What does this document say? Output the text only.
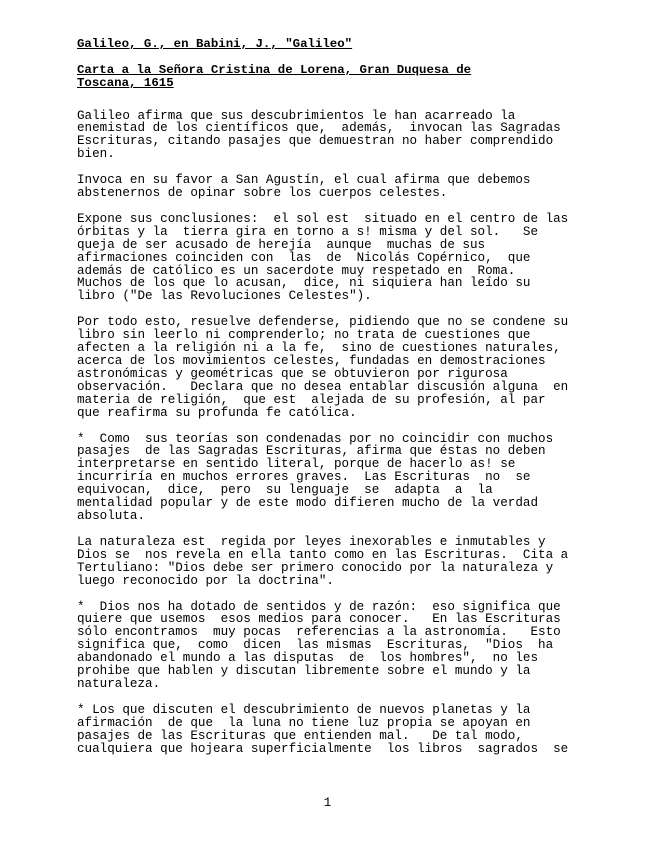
Galileo, G., en Babini, J., "Galileo"

Carta a la Señora Cristina de Lorena, Gran Duquesa de
Toscana, 1615

Galileo afirma que sus descubrimientos le han acarreado la
enemistad de los científicos que,  además,  invocan las Sagradas
Escrituras, citando pasajes que demuestran no haber comprendido
bien.

Invoca en su favor a San Agustín, el cual afirma que debemos
abstenernos de opinar sobre los cuerpos celestes.

Expone sus conclusiones:  el sol est  situado en el centro de las
órbitas y la  tierra gira en torno a s! misma y del sol.   Se
queja de ser acusado de herejía  aunque  muchas de sus
afirmaciones coinciden con  las  de  Nicolás Copérnico,  que
además de católico es un sacerdote muy respetado en  Roma.
Muchos de los que lo acusan,  dice, ni siquiera han leído su
libro ("De las Revoluciones Celestes").

Por todo esto, resuelve defenderse, pidiendo que no se condene su
libro sin leerlo ni comprenderlo; no trata de cuestiones que
afecten a la religión ni a la fe,  sino de cuestiones naturales,
acerca de los movimientos celestes, fundadas en demostraciones
astronómicas y geométricas que se obtuvieron por rigurosa
observación.   Declara que no desea entablar discusión alguna  en
materia de religión,  que est  alejada de su profesión, al par
que reafirma su profunda fe católica.

*  Como  sus teorías son condenadas por no coincidir con muchos
pasajes  de las Sagradas Escrituras, afirma que éstas no deben
interpretarse en sentido literal, porque de hacerlo as! se
incurriría en muchos errores graves.  Las Escrituras  no  se
equivocan,  dice,  pero  su lenguaje  se  adapta  a  la
mentalidad popular y de este modo difieren mucho de la verdad
absoluta.

La naturaleza est  regida por leyes inexorables e inmutables y
Dios se  nos revela en ella tanto como en las Escrituras.  Cita a
Tertuliano: "Dios debe ser primero conocido por la naturaleza y
luego reconocido por la doctrina".

*  Dios nos ha dotado de sentidos y de razón:  eso significa que
quiere que usemos  esos medios para conocer.   En las Escrituras
sólo encontramos  muy pocas  referencias a la astronomía.   Esto
significa que,  como  dicen  las mismas  Escrituras,  "Dios  ha
abandonado el mundo a las disputas  de  los hombres",  no les
prohibe que hablen y discutan libremente sobre el mundo y la
naturaleza.

* Los que discuten el descubrimiento de nuevos planetas y la
afirmación  de que  la luna no tiene luz propia se apoyan en
pasajes de las Escrituras que entienden mal.   De tal modo,
cualquiera que hojeara superficialmente  los libros  sagrados  se

1
